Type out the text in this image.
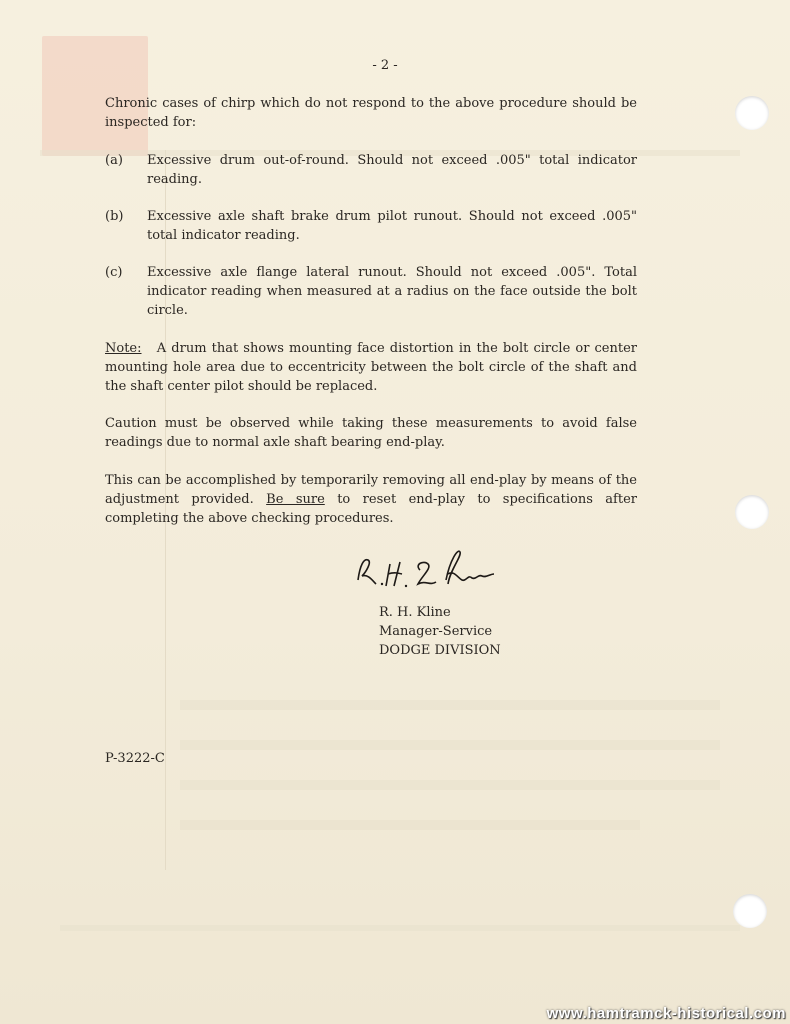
- 2 -

Chronic cases of chirp which do not respond to the above procedure should be inspected for:

(a)	Excessive drum out-of-round. Should not exceed .005" total indicator reading.
(b)	Excessive axle shaft brake drum pilot runout. Should not exceed .005" total indicator reading.
(c)	Excessive axle flange lateral runout. Should not exceed .005". Total indicator reading when measured at a radius on the face outside the bolt circle.

Note: A drum that shows mounting face distortion in the bolt circle or center mounting hole area due to eccentricity between the bolt circle of the shaft and the shaft center pilot should be replaced.

Caution must be observed while taking these measurements to avoid false readings due to normal axle shaft bearing end-play.

This can be accomplished by temporarily removing all end-play by means of the adjustment provided. Be sure to reset end-play to specifications after completing the above checking procedures.

R. H. Kline
Manager-Service
DODGE DIVISION
P-3222-C
www.hamtramck-historical.com
